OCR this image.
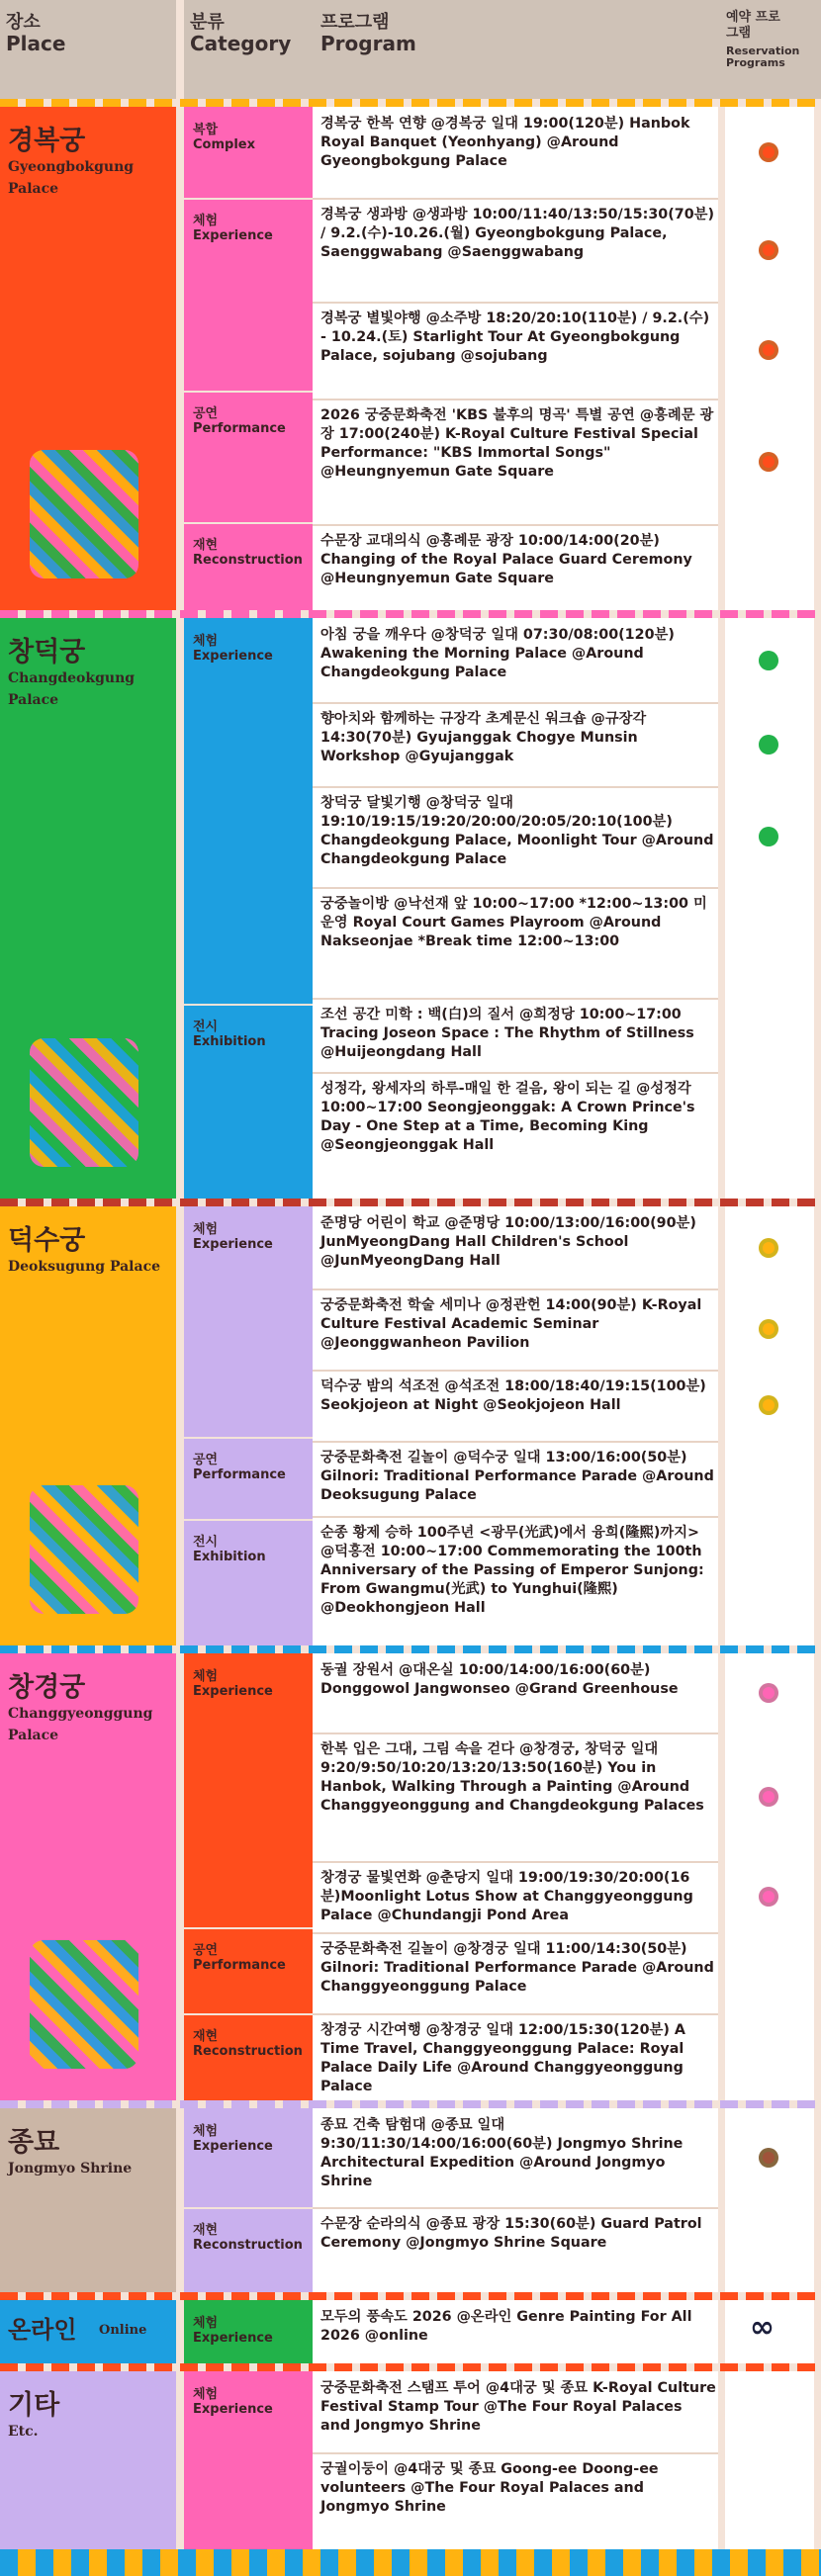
장소
Place
분류
Category
프로그램
Program
예약 프로그램
Reservation Programs
경복궁
Gyeongbokgung Palace
복합
Complex
체험
Experience
공연
Performance
재현
Reconstruction
경복궁 한복 연향 @경복궁 일대 19:00(120분) Hanbok Royal Banquet (Yeonhyang) @Around Gyeongbokgung Palace
경복궁 생과방 @생과방 10:00/11:40/13:50/15:30(70분) / 9.2.(수)-10.26.(월) Gyeongbokgung Palace, Saenggwabang @Saenggwabang
경복궁 별빛야행 @소주방 18:20/20:10(110분) / 9.2.(수) - 10.24.(토) Starlight Tour At Gyeongbokgung Palace, sojubang @sojubang
2026 궁중문화축전 'KBS 불후의 명곡' 특별 공연 @흥례문 광장 17:00(240분) K-Royal Culture Festival Special Performance: "KBS Immortal Songs" @Heungnyemun Gate Square
수문장 교대의식 @흥례문 광장 10:00/14:00(20분) Changing of the Royal Palace Guard Ceremony @Heungnyemun Gate Square
창덕궁
Changdeokgung Palace
체험
Experience
전시
Exhibition
아침 궁을 깨우다 @창덕궁 일대 07:30/08:00(120분) Awakening the Morning Palace @Around Changdeokgung Palace
향아치와 함께하는 규장각 초계문신 워크숍 @규장각 14:30(70분) Gyujanggak Chogye Munsin Workshop @Gyujanggak
창덕궁 달빛기행 @창덕궁 일대 19:10/19:15/19:20/20:00/20:05/20:10(100분) Changdeokgung Palace, Moonlight Tour @Around Changdeokgung Palace
궁중놀이방 @낙선재 앞 10:00~17:00 *12:00~13:00 미운영 Royal Court Games Playroom @Around Nakseonjae *Break time 12:00~13:00
조선 공간 미학 : 백(白)의 질서 @희정당 10:00~17:00 Tracing Joseon Space : The Rhythm of Stillness @Huijeongdang Hall
성정각, 왕세자의 하루-매일 한 걸음, 왕이 되는 길 @성정각 10:00~17:00 Seongjeonggak: A Crown Prince's Day - One Step at a Time, Becoming King @Seongjeonggak Hall
덕수궁
Deoksugung Palace
체험
Experience
공연
Performance
전시
Exhibition
준명당 어린이 학교 @준명당 10:00/13:00/16:00(90분) JunMyeongDang Hall Children's School @JunMyeongDang Hall
궁중문화축전 학술 세미나 @정관헌 14:00(90분) K-Royal Culture Festival Academic Seminar @Jeonggwanheon Pavilion
덕수궁 밤의 석조전 @석조전 18:00/18:40/19:15(100분) Seokjojeon at Night @Seokjojeon Hall
궁중문화축전 길놀이 @덕수궁 일대 13:00/16:00(50분) Gilnori: Traditional Performance Parade @Around Deoksugung Palace
순종 황제 승하 100주년 <광무(光武)에서 융희(隆熙)까지> @덕홍전 10:00~17:00 Commemorating the 100th Anniversary of the Passing of Emperor Sunjong: From Gwangmu(光武) to Yunghui(隆熙) @Deokhongjeon Hall
창경궁
Changgyeonggung Palace
체험
Experience
공연
Performance
재현
Reconstruction
동궐 장원서 @대온실 10:00/14:00/16:00(60분) Donggowol Jangwonseo @Grand Greenhouse
한복 입은 그대, 그림 속을 걷다 @창경궁, 창덕궁 일대 9:20/9:50/10:20/13:20/13:50(160분) You in Hanbok, Walking Through a Painting @Around Changgyeonggung and Changdeokgung Palaces
창경궁 물빛연화 @춘당지 일대 19:00/19:30/20:00(16분)Moonlight Lotus Show at Changgyeonggung Palace @Chundangji Pond Area
궁중문화축전 길놀이 @창경궁 일대 11:00/14:30(50분) Gilnori: Traditional Performance Parade @Around Changgyeonggung Palace
창경궁 시간여행 @창경궁 일대 12:00/15:30(120분) A Time Travel, Changgyeonggung Palace: Royal Palace Daily Life @Around Changgyeonggung Palace
종묘
Jongmyo Shrine
체험
Experience
재현
Reconstruction
종묘 건축 탐험대 @종묘 일대 9:30/11:30/14:00/16:00(60분) Jongmyo Shrine Architectural Expedition @Around Jongmyo Shrine
수문장 순라의식 @종묘 광장 15:30(60분) Guard Patrol Ceremony @Jongmyo Shrine Square
온라인 Online	체험
Experience
모두의 풍속도 2026 @온라인 Genre Painting For All 2026 @online	∞
기타
Etc.
체험
Experience
궁중문화축전 스탬프 투어 @4대궁 및 종묘 K-Royal Culture Festival Stamp Tour @The Four Royal Palaces and Jongmyo Shrine
궁궐이둥이 @4대궁 및 종묘 Goong-ee Doong-ee volunteers @The Four Royal Palaces and Jongmyo Shrine
